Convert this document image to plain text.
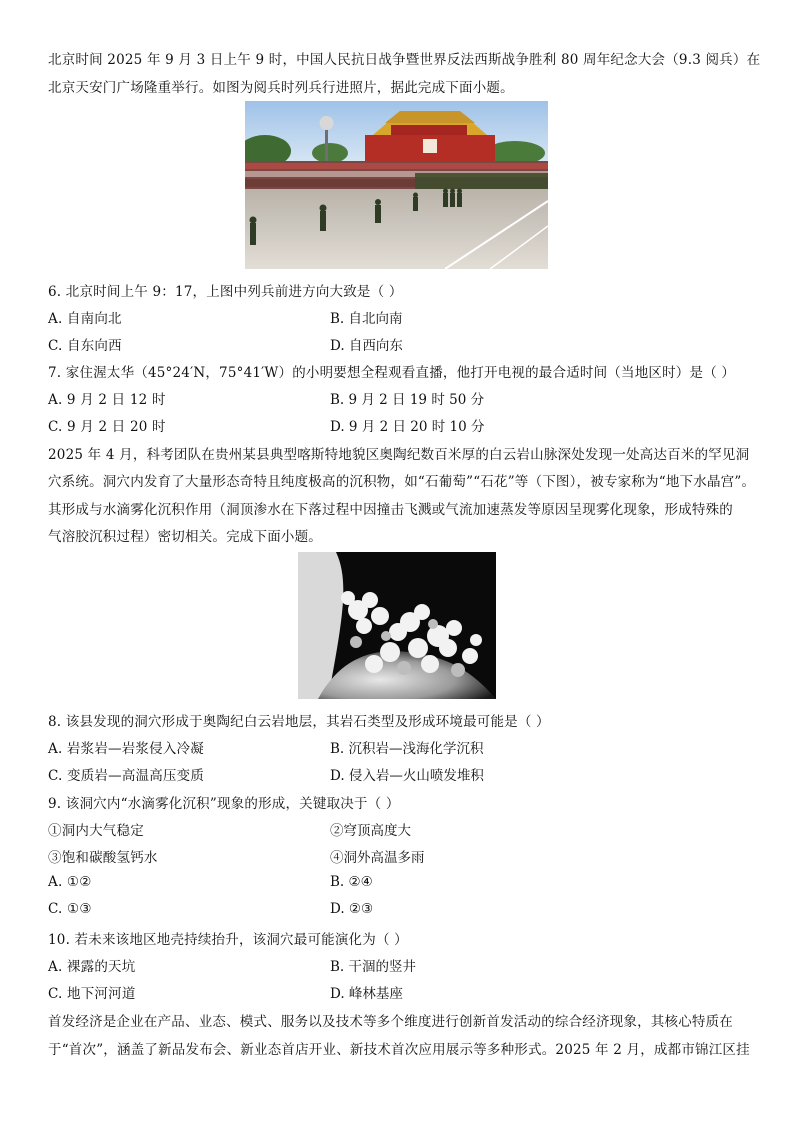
北京时间 2025 年 9 月 3 日上午 9 时，中国人民抗日战争暨世界反法西斯战争胜利 80 周年纪念大会（9.3 阅兵）在
北京天安门广场隆重举行。如图为阅兵时列兵行进照片，据此完成下面小题。
6. 北京时间上午 9：17，上图中列兵前进方向大致是（ ）
A. 自南向北	B. 自北向南
C. 自东向西	D. 自西向东
7. 家住渥太华（45°24′N，75°41′W）的小明要想全程观看直播，他打开电视的最合适时间（当地区时）是（ ）
A. 9 月 2 日 12 时	B. 9 月 2 日 19 时 50 分
C. 9 月 2 日 20 时	D. 9 月 2 日 20 时 10 分
2025 年 4 月，科考团队在贵州某县典型喀斯特地貌区奥陶纪数百米厚的白云岩山脉深处发现一处高达百米的罕见洞
穴系统。洞穴内发育了大量形态奇特且纯度极高的沉积物，如“石葡萄”“石花”等（下图），被专家称为“地下水晶宫”。
其形成与水滴雾化沉积作用（洞顶渗水在下落过程中因撞击飞溅或气流加速蒸发等原因呈现雾化现象，形成特殊的
气溶胶沉积过程）密切相关。完成下面小题。
8. 该县发现的洞穴形成于奥陶纪白云岩地层，其岩石类型及形成环境最可能是（ ）
A. 岩浆岩—岩浆侵入冷凝	B. 沉积岩—浅海化学沉积
C. 变质岩—高温高压变质	D. 侵入岩—火山喷发堆积
9. 该洞穴内“水滴雾化沉积”现象的形成，关键取决于（ ）
①洞内大气稳定	②穹顶高度大
③饱和碳酸氢钙水	④洞外高温多雨
A. ①②	B. ②④
C. ①③	D. ②③
10. 若未来该地区地壳持续抬升，该洞穴最可能演化为（ ）
A. 裸露的天坑	B. 干涸的竖井
C. 地下河河道	D. 峰林基座
首发经济是企业在产品、业态、模式、服务以及技术等多个维度进行创新首发活动的综合经济现象，其核心特质在
于“首次”，涵盖了新品发布会、新业态首店开业、新技术首次应用展示等多种形式。2025 年 2 月，成都市锦江区挂
